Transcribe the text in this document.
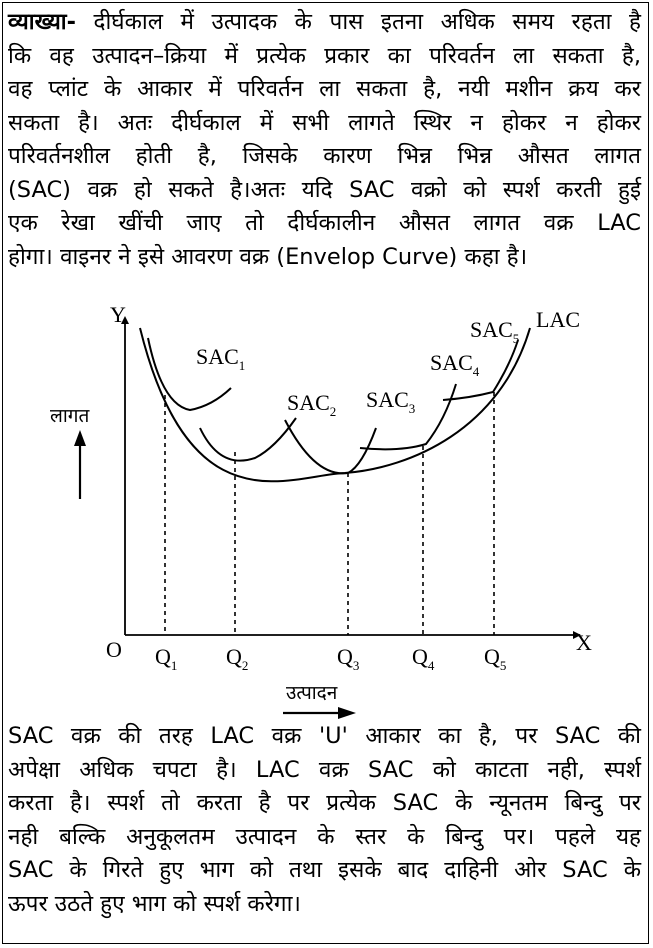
व्याख्या- दीर्घकाल में उत्पादक के पास इतना अधिक समय रहता है
कि वह उत्पादन–क्रिया में प्रत्येक प्रकार का परिवर्तन ला सकता है,
वह प्लांट के आकार में परिवर्तन ला सकता है, नयी मशीन क्रय कर
सकता है। अतः दीर्घकाल में सभी लागते स्थिर न होकर न होकर
परिवर्तनशील होती है, जिसके कारण भिन्न भिन्न औसत लागत
(SAC) वक्र हो सकते है।अतः यदि SAC वक्रो को स्पर्श करती हुई
एक रेखा खींची जाए तो दीर्घकालीन औसत लागत वक्र LAC

होगा। वाइनर ने इसे आवरण वक्र (Envelop Curve) कहा है।
Y
X
O
लागत
उत्पादन
LAC
$SAC_1$
$SAC_2$ $SAC_3$
$SAC_4$
$SAC_5$
$Q_1$ $Q_2$	$Q_3$ $Q_4$ $Q_5$
SAC वक्र की तरह LAC वक्र 'U' आकार का है, पर SAC की
अपेक्षा अधिक चपटा है। LAC वक्र SAC को काटता नही, स्पर्श
करता है। स्पर्श तो करता है पर प्रत्येक SAC के न्यूनतम बिन्दु पर
नही बल्कि अनुकूलतम उत्पादन के स्तर के बिन्दु पर। पहले यह
SAC के गिरते हुए भाग को तथा इसके बाद दाहिनी ओर SAC के

ऊपर उठते हुए भाग को स्पर्श करेगा।
